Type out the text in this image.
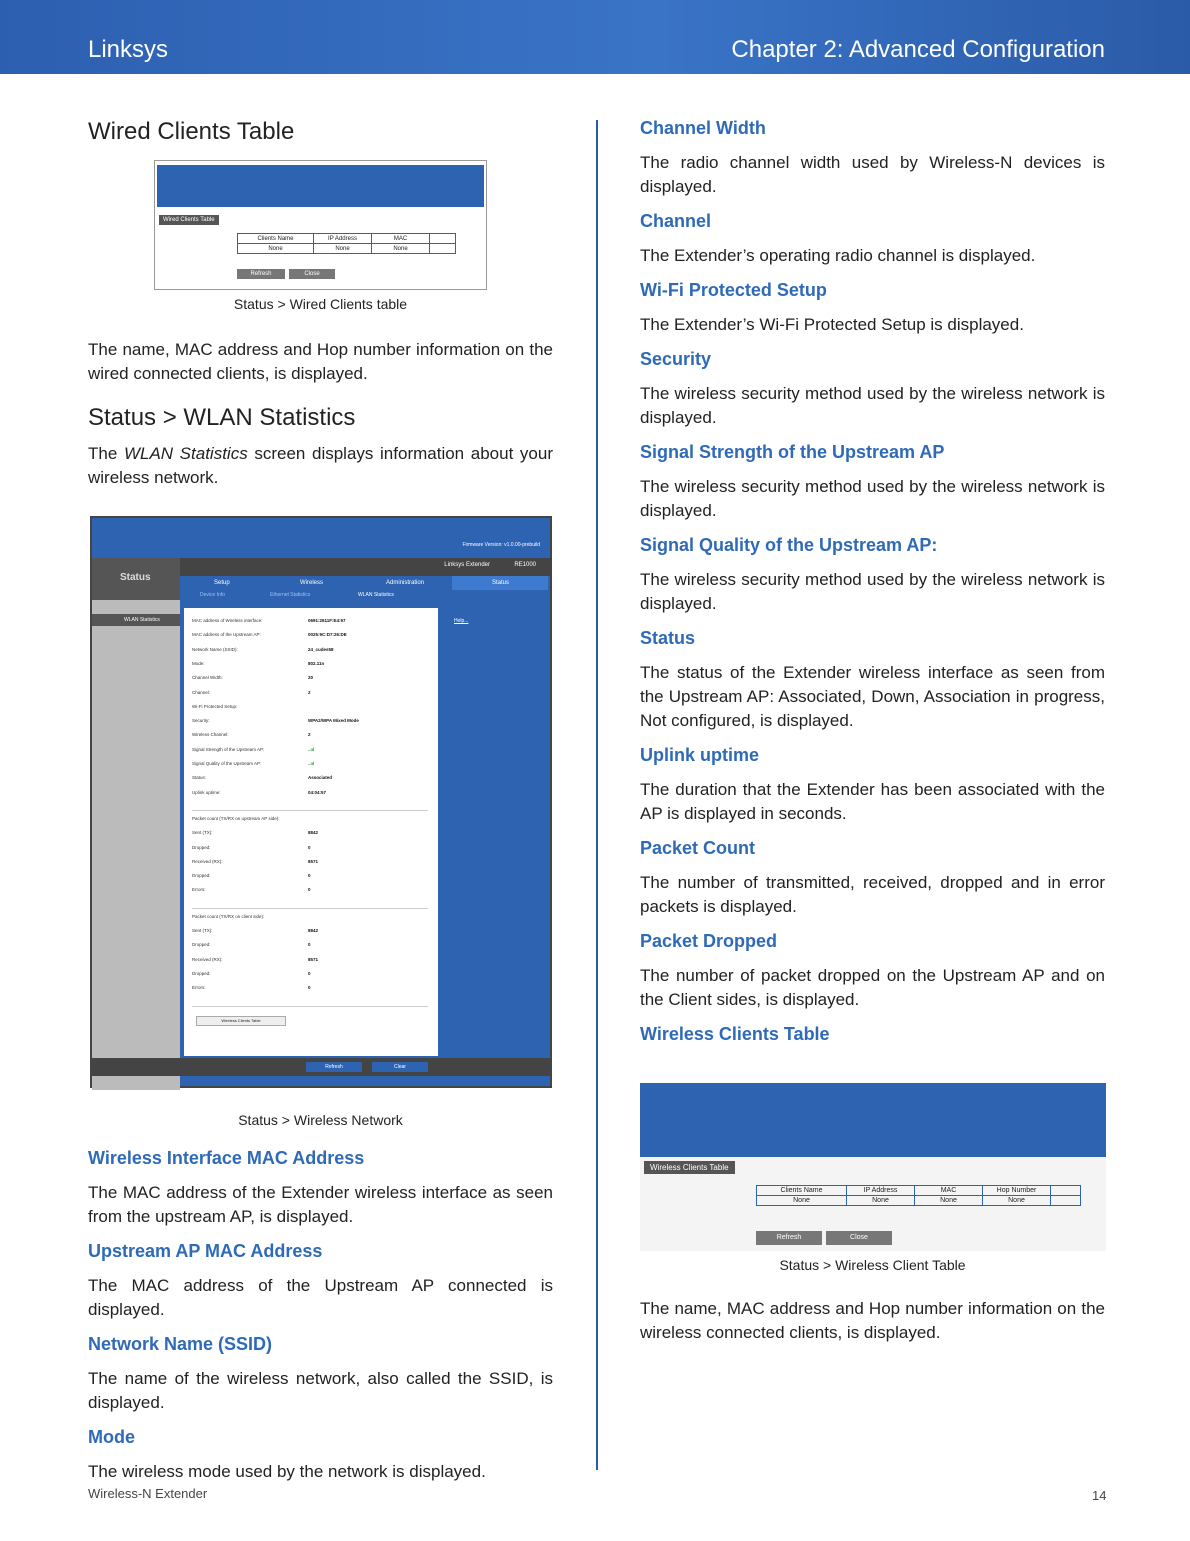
Linksys	Chapter 2: Advanced Configuration
Wired Clients Table
Wired Clients Table
Clients Name	IP Address	MAC	
None	None	None	
Refresh	Close
Status > Wired Clients table

The name, MAC address and Hop number information on the wired connected clients, is displayed.

Status > WLAN Statistics

The WLAN Statistics screen displays information about your wireless network.

Firmware Version: v1.0.00-prebuild
Status
Linksys Extender	RE1000
Setup	Wireless	Administration	Status
Device Info	Ethernet Statistics	WLAN Statistics
WLAN Statistics	MAC address of Wireless interface:	0691:2611F:E4:97
MAC address of the Upstream AP:	0025:9C:D7:26:DE
Network Name (SSID):	24_cudes58
Mode:	802.11n
Channel Width:	20
Channel:	2
Wi-Fi Protected Setup:
Security:	WPA2/WPA Mixed Mode
Wireless Channel:	2
Signal Strength of the Upstream AP:	..ııl
Signal Quality of the Upstream AP:	..ııl
Status:	Associated
Uplink uptime:	04:04:57
Packet count (TX/RX on upstream AP side):
Sent (TX):	8842
Dropped:	0
Received (RX):	8571
Dropped:	0
Errors:	0
Packet count (TX/RX on client side):
Sent (TX):	8842
Dropped:	0
Received (RX):	8571
Dropped:	0
Errors:	0
Wireless Clients Table
Help...
Refresh	Clear
Status > Wireless Network
Wireless Interface MAC Address

The MAC address of the Extender wireless interface as seen from the upstream AP, is displayed.

Upstream AP MAC Address

The MAC address of the Upstream AP connected is displayed.

Network Name (SSID)

The name of the wireless network, also called the SSID, is displayed.

Mode

The wireless mode used by the network is displayed.

Channel Width

The radio channel width used by Wireless-N devices is displayed.

Channel

The Extender’s operating radio channel is displayed.

Wi-Fi Protected Setup

The Extender’s Wi-Fi Protected Setup is displayed.

Security

The wireless security method used by the wireless network is displayed.

Signal Strength of the Upstream AP

The wireless security method used by the wireless network is displayed.

Signal Quality of the Upstream AP:

The wireless security method used by the wireless network is displayed.

Status

The status of the Extender wireless interface as seen from the Upstream AP: Associated, Down, Association in progress, Not configured, is displayed.

Uplink uptime

The duration that the Extender has been associated with the AP is displayed in seconds.

Packet Count

The number of transmitted, received, dropped and in error packets is displayed.

Packet Dropped

The number of packet dropped on the Upstream AP and on the Client sides, is displayed.

Wireless Clients Table
Wireless Clients Table
Clients Name	IP Address	MAC	Hop Number	
None	None	None	None	
Refresh	Close
Status > Wireless Client Table

The name, MAC address and Hop number information on the wireless connected clients, is displayed.

Wireless-N Extender	14
